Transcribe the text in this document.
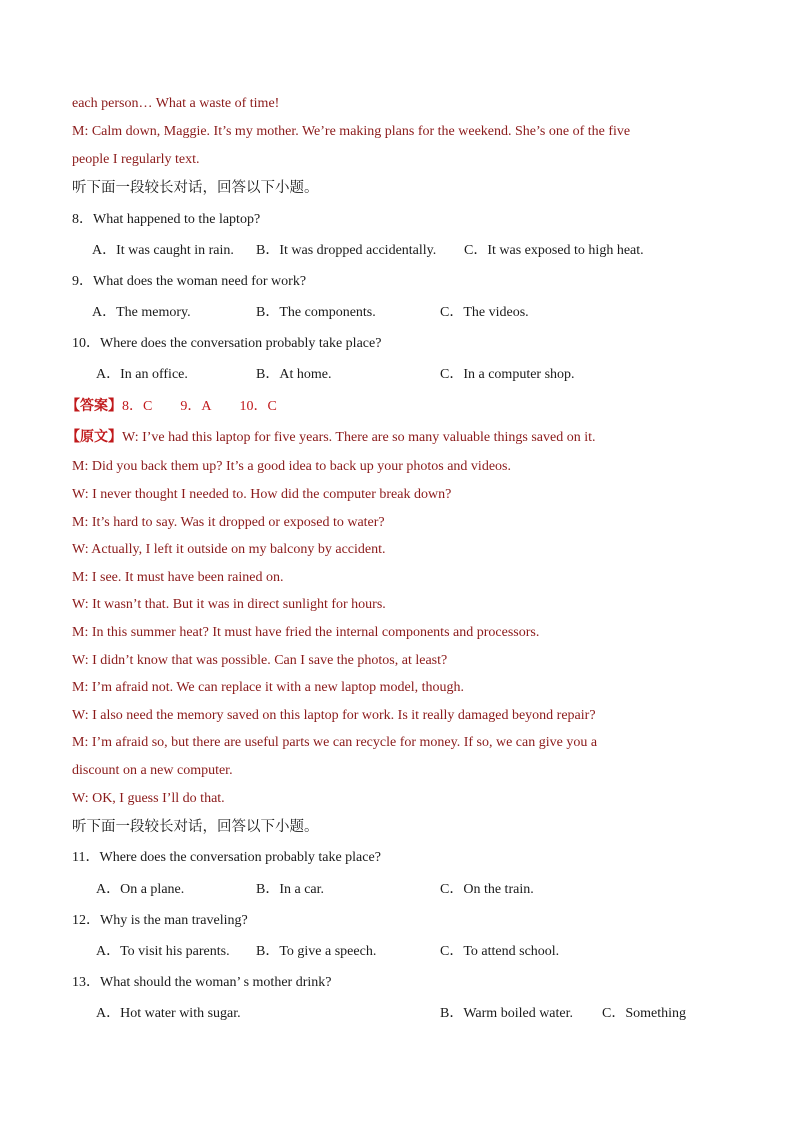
each person… What a waste of time!
M: Calm down, Maggie. It’s my mother. We’re making plans for the weekend. She’s one of the five
people I regularly text.
听下面一段较长对话，回答以下小题。
8．What happened to the laptop?
A．It was caught in rain. B．It was dropped accidentally. C．It was exposed to high heat.
9．What does the woman need for work?
A．The memory.	B．The components.	C．The videos.
10．Where does the conversation probably take place?
A．In an office.	B．At home.	C．In a computer shop.
【答案】8．C 9．A 10．C
【原文】W: I’ve had this laptop for five years. There are so many valuable things saved on it.
M: Did you back them up? It’s a good idea to back up your photos and videos.
W: I never thought I needed to. How did the computer break down?
M: It’s hard to say. Was it dropped or exposed to water?
W: Actually, I left it outside on my balcony by accident.
M: I see. It must have been rained on.
W: It wasn’t that. But it was in direct sunlight for hours.
M: In this summer heat? It must have fried the internal components and processors.
W: I didn’t know that was possible. Can I save the photos, at least?
M: I’m afraid not. We can replace it with a new laptop model, though.
W: I also need the memory saved on this laptop for work. Is it really damaged beyond repair?
M: I’m afraid so, but there are useful parts we can recycle for money. If so, we can give you a
discount on a new computer.
W: OK, I guess I’ll do that.
听下面一段较长对话，回答以下小题。
11．Where does the conversation probably take place?
A．On a plane.	B．In a car.	C．On the train.
12．Why is the man traveling?
A．To visit his parents. B．To give a speech.	C．To attend school.
13．What should the woman’ s mother drink?
A．Hot water with sugar.	B．Warm boiled water. C．Something
